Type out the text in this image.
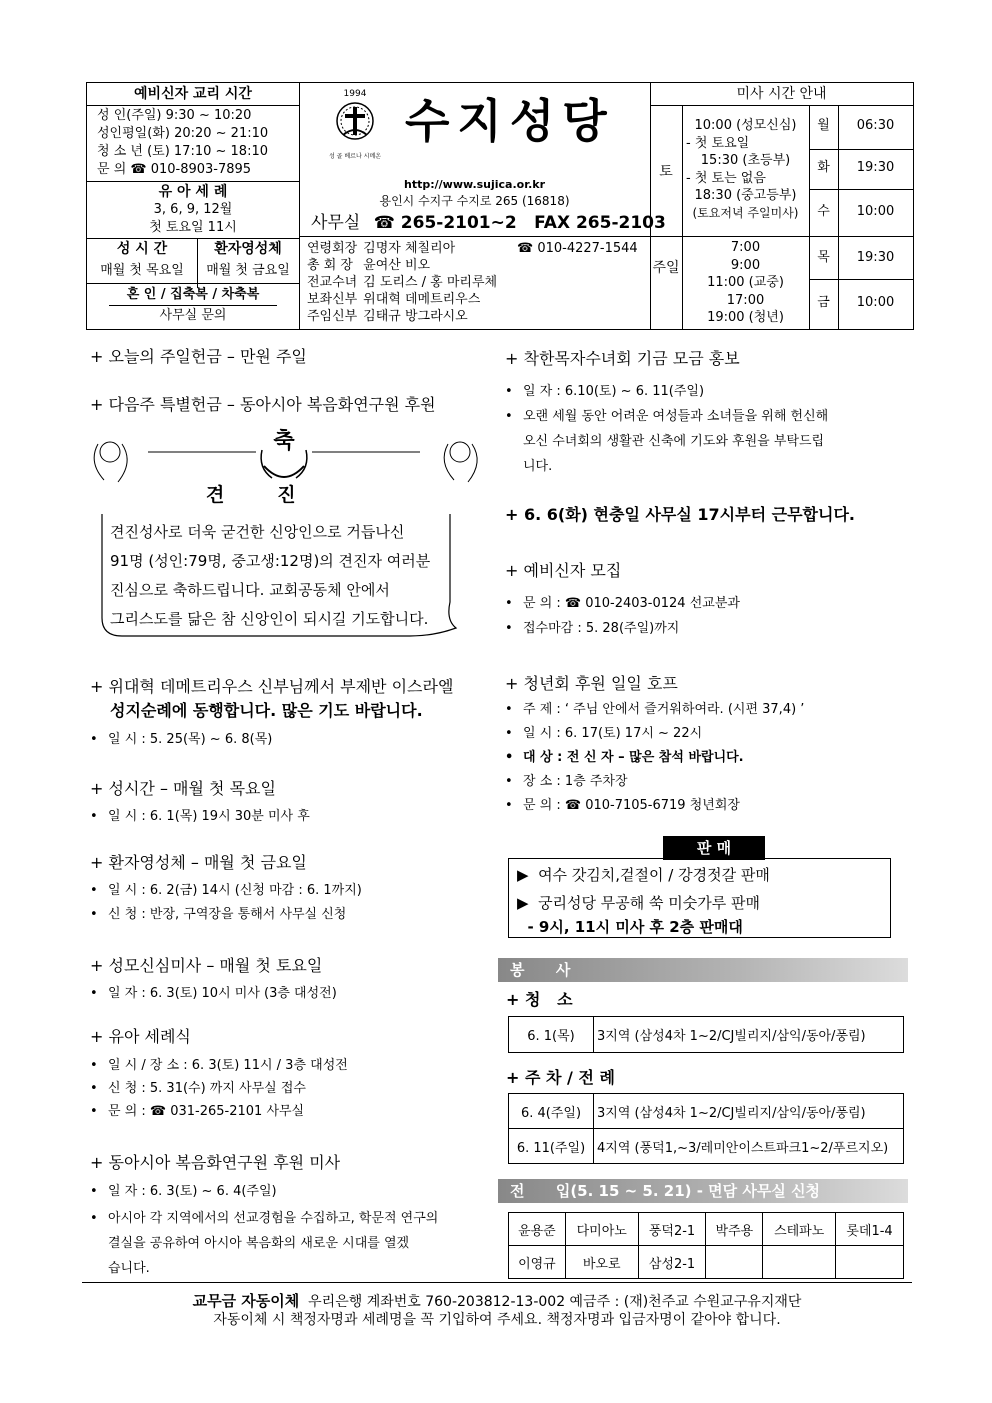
예비신자 교리 시간
성 인(주일) 9:30 ~ 10:20
성인평일(화) 20:20 ~ 21:10
청 소 년 (토) 17:10 ~ 18:10
문 의 ☎ 010-8903-7895
유 아 세 례
3, 6, 9, 12월
첫 토요일 11시
성 시 간
매월 첫 목요일
환자영성체
매월 첫 금요일
혼 인 / 집축복 / 차축복
사무실 문의
1994
성 골 베르나 시메온
수지성당
http://www.sujica.or.kr
용인시 수지구 수지로 265 (16818)
사무실 ☎ 265-2101~2 FAX 265-2103
연령회장 김명자 체칠리아
총 회 장 윤여산 비오
전교수녀 김 도리스 / 홍 마리루체
보좌신부 위대혁 데메트리우스
주임신부 김태규 방그라시오
☎ 010-4227-1544
미사 시간 안내
토
10:00 (성모신심)
- 첫 토요일
15:30 (초등부)
- 첫 토는 없음
18:30 (중고등부)
(토요저녁 주일미사)
주일
7:00
9:00
11:00 (교중)
17:00
19:00 (청년)
월	06:30
화	19:30
수	10:00
목	19:30
금	10:00
+ 오늘의 주일헌금 – 만원 주일
+ 다음주 특별헌금 – 동아시아 복음화연구원 후원
축
견        진
견진성사로 더욱 굳건한 신앙인으로 거듭나신
91명 (성인:79명, 중고생:12명)의 견진자 여러분
진심으로 축하드립니다. 교회공동체 안에서
그리스도를 닮은 참 신앙인이 되시길 기도합니다.
+ 위대혁 데메트리우스 신부님께서 부제반 이스라엘
성지순례에 동행합니다. 많은 기도 바랍니다.
• 일 시 : 5. 25(목) ~ 6. 8(목)
+ 성시간 – 매월 첫 목요일
• 일 시 : 6. 1(목) 19시 30분 미사 후
+ 환자영성체 – 매월 첫 금요일
• 일 시 : 6. 2(금) 14시 (신청 마감 : 6. 1까지)
• 신 청 : 반장, 구역장을 통해서 사무실 신청
+ 성모신심미사 – 매월 첫 토요일
• 일 자 : 6. 3(토) 10시 미사 (3층 대성전)
+ 유아 세례식
• 일 시 / 장 소 : 6. 3(토) 11시 / 3층 대성전
• 신 청 : 5. 31(수) 까지 사무실 접수
• 문 의 : ☎ 031-265-2101 사무실
+ 동아시아 복음화연구원 후원 미사
• 일 자 : 6. 3(토) ~ 6. 4(주일)
• 아시아 각 지역에서의 선교경험을 수집하고, 학문적 연구의
결실을 공유하여 아시아 복음화의 새로운 시대를 열겠
습니다.
+ 착한목자수녀회 기금 모금 홍보
• 일 자 : 6.10(토) ~ 6. 11(주일)
• 오랜 세월 동안 어려운 여성들과 소녀들을 위해 헌신해
오신 수녀회의 생활관 신축에 기도와 후원을 부탁드립
니다.
+ 6. 6(화) 현충일 사무실 17시부터 근무합니다.
+ 예비신자 모집
• 문 의 : ☎ 010-2403-0124 선교분과
• 접수마감 : 5. 28(주일)까지
+ 청년회 후원 일일 호프
• 주 제 : ‘ 주님 안에서 즐거워하여라. (시편 37,4) ’
• 일 시 : 6. 17(토) 17시 ~ 22시
• 대 상 : 전 신 자 – 많은 참석 바랍니다.
• 장 소 : 1층 주차장
• 문 의 : ☎ 010-7105-6719 청년회장
판 매
▶  여수 갓김치,겉절이 / 강경젓갈 판매
▶  궁리성당 무공해 쑥 미숫가루 판매
- 9시, 11시 미사 후 2층 판매대
봉      사
+ 청   소
6. 1(목)	3지역 (삼성4차 1~2/CJ빌리지/삼익/동아/풍림)
+ 주 차 / 전 례
6. 4(주일)	3지역 (삼성4차 1~2/CJ빌리지/삼익/동아/풍림)
6. 11(주일)	4지역 (풍덕1,~3/레미안이스트파크1~2/푸르지오)
전      입(5. 15 ~ 5. 21) - 면담 사무실 신청
윤용준	다미아노	풍덕2-1	박주용	스테파노	롯데1-4
이영규	바오로	삼성2-1			
교무금 자동이체  우리은행 계좌번호 760-203812-13-002 예금주 : (재)천주교 수원교구유지재단
자동이체 시 책정자명과 세례명을 꼭 기입하여 주세요. 책정자명과 입금자명이 같아야 합니다.
